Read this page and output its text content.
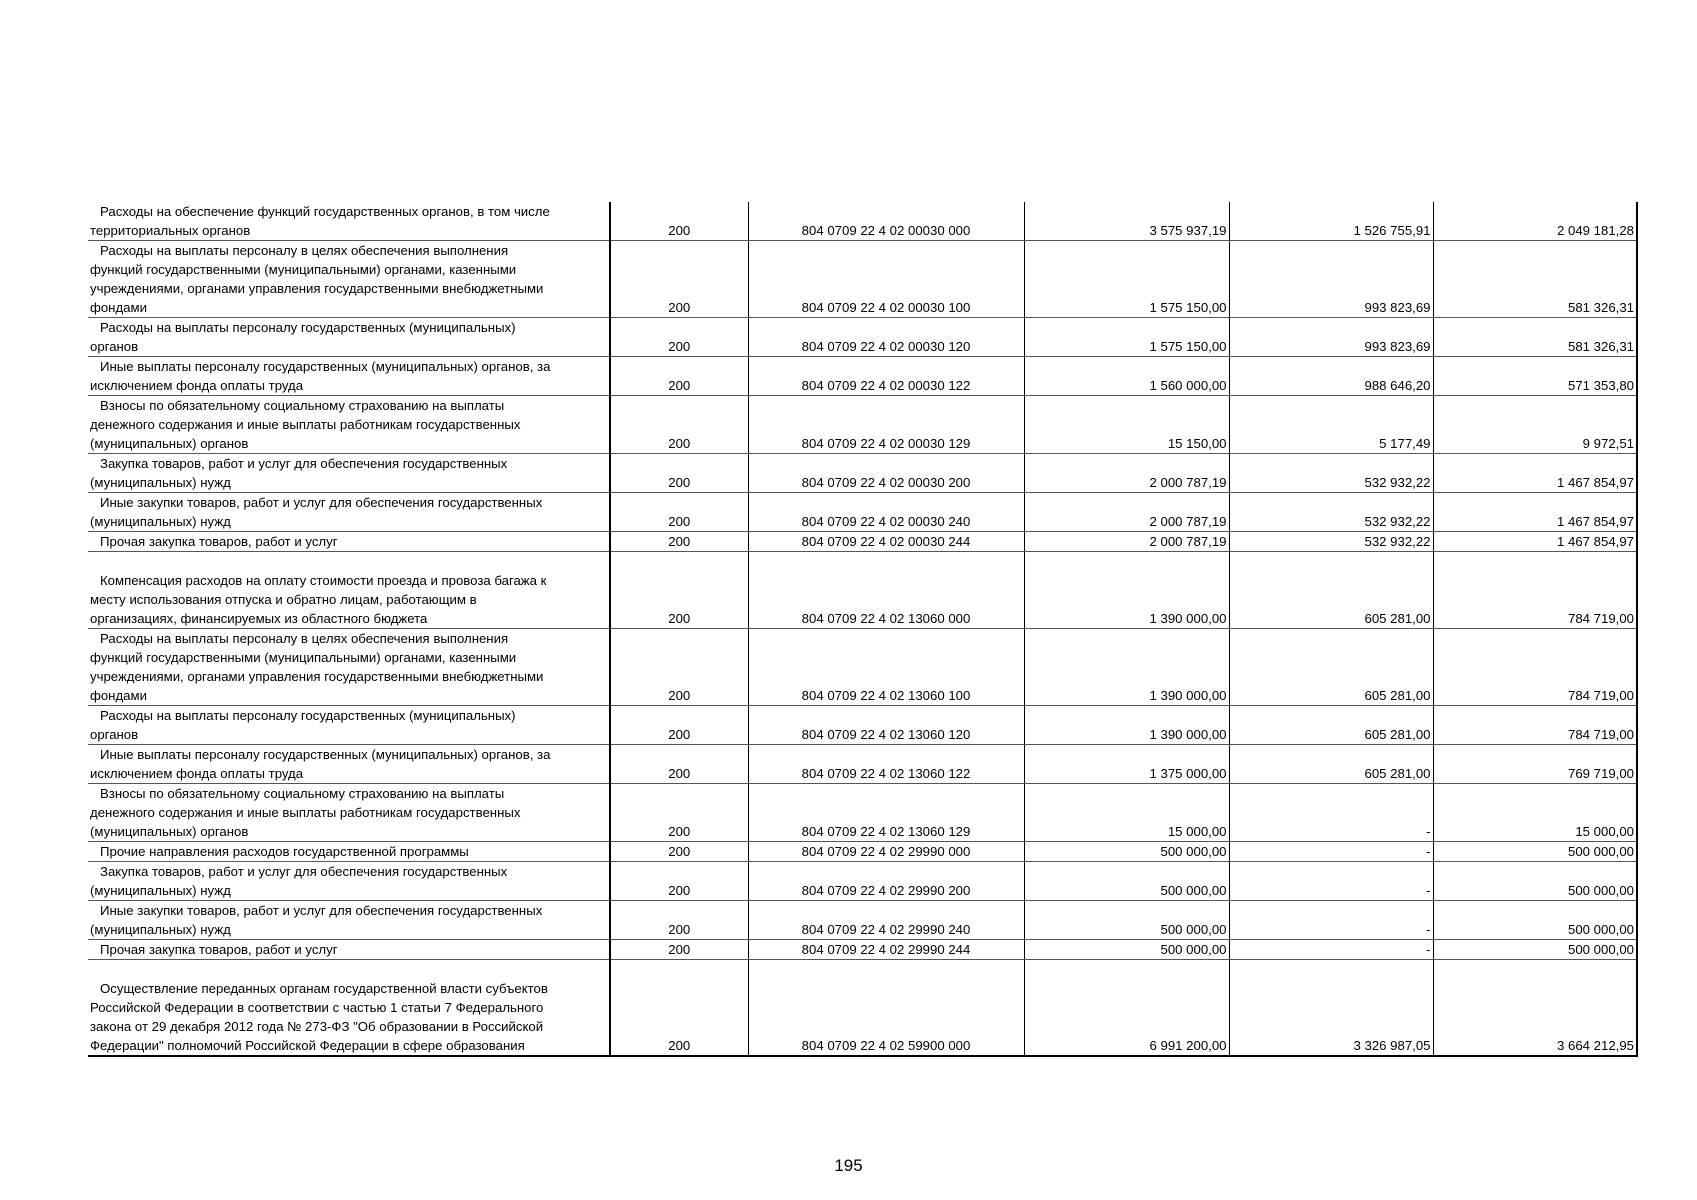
Расходы на обеспечение функций государственных органов, в том числе
территориальных органов	200	804 0709 22 4 02 00030 000	3 575 937,19	1 526 755,91	2 049 181,28

Расходы на выплаты персоналу в целях обеспечения выполнения
функций государственными (муниципальными) органами, казенными
учреждениями, органами управления государственными внебюджетными
фондами	200	804 0709 22 4 02 00030 100	1 575 150,00	993 823,69	581 326,31

Расходы на выплаты персоналу государственных (муниципальных)
органов	200	804 0709 22 4 02 00030 120	1 575 150,00	993 823,69	581 326,31

Иные выплаты персоналу государственных (муниципальных) органов, за
исключением фонда оплаты труда	200	804 0709 22 4 02 00030 122	1 560 000,00	988 646,20	571 353,80

Взносы по обязательному социальному страхованию на выплаты
денежного содержания и иные выплаты работникам государственных
(муниципальных) органов	200	804 0709 22 4 02 00030 129	15 150,00	5 177,49	9 972,51

Закупка товаров, работ и услуг для обеспечения государственных
(муниципальных) нужд	200	804 0709 22 4 02 00030 200	2 000 787,19	532 932,22	1 467 854,97

Иные закупки товаров, работ и услуг для обеспечения государственных
(муниципальных) нужд	200	804 0709 22 4 02 00030 240	2 000 787,19	532 932,22	1 467 854,97

Прочая закупка товаров, работ и услуг	200	804 0709 22 4 02 00030 244	2 000 787,19	532 932,22	1 467 854,97

Компенсация расходов на оплату стоимости проезда и провоза багажа к
месту использования отпуска и обратно лицам, работающим в
организациях, финансируемых из областного бюджета	200	804 0709 22 4 02 13060 000	1 390 000,00	605 281,00	784 719,00

Расходы на выплаты персоналу в целях обеспечения выполнения
функций государственными (муниципальными) органами, казенными
учреждениями, органами управления государственными внебюджетными
фондами	200	804 0709 22 4 02 13060 100	1 390 000,00	605 281,00	784 719,00

Расходы на выплаты персоналу государственных (муниципальных)
органов	200	804 0709 22 4 02 13060 120	1 390 000,00	605 281,00	784 719,00

Иные выплаты персоналу государственных (муниципальных) органов, за
исключением фонда оплаты труда	200	804 0709 22 4 02 13060 122	1 375 000,00	605 281,00	769 719,00

Взносы по обязательному социальному страхованию на выплаты
денежного содержания и иные выплаты работникам государственных
(муниципальных) органов	200	804 0709 22 4 02 13060 129	15 000,00	-	15 000,00

Прочие направления расходов государственной программы	200	804 0709 22 4 02 29990 000	500 000,00	-	500 000,00

Закупка товаров, работ и услуг для обеспечения государственных
(муниципальных) нужд	200	804 0709 22 4 02 29990 200	500 000,00	-	500 000,00

Иные закупки товаров, работ и услуг для обеспечения государственных
(муниципальных) нужд	200	804 0709 22 4 02 29990 240	500 000,00	-	500 000,00

Прочая закупка товаров, работ и услуг	200	804 0709 22 4 02 29990 244	500 000,00	-	500 000,00

Осуществление переданных органам государственной власти субъектов
Российской Федерации в соответствии с частью 1 статьи 7 Федерального
закона от 29 декабря 2012 года № 273-ФЗ "Об образовании в Российской
Федерации" полномочий Российской Федерации в сфере образования	200	804 0709 22 4 02 59900 000	6 991 200,00	3 326 987,05	3 664 212,95
195
